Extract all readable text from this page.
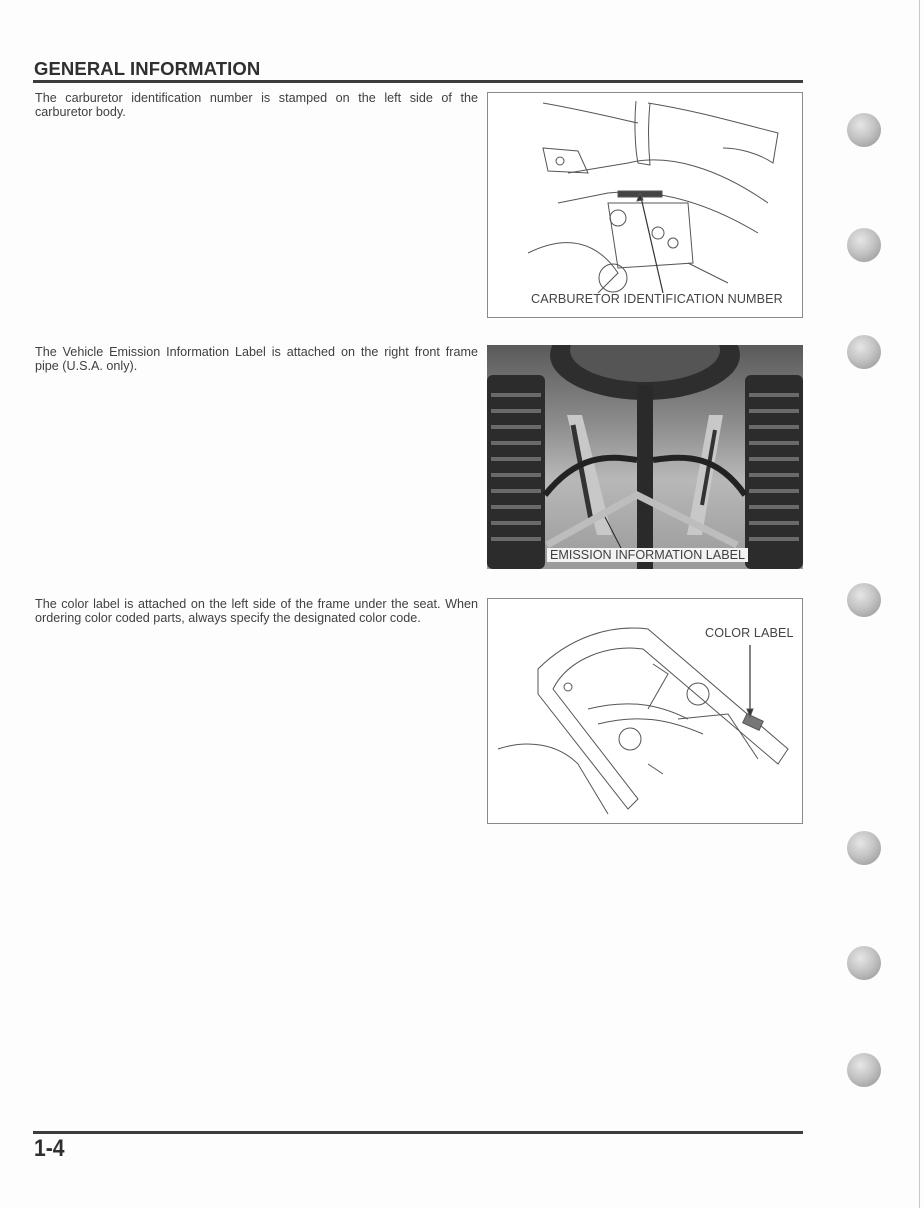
GENERAL INFORMATION
The carburetor identification number is stamped on the left side of the carburetor body.
CARBURETOR IDENTIFICATION NUMBER
The Vehicle Emission Information Label is attached on the right front frame pipe (U.S.A. only).
EMISSION INFORMATION LABEL
The color label is attached on the left side of the frame under the seat. When ordering color coded parts, always specify the designated color code.
COLOR LABEL
1-4
